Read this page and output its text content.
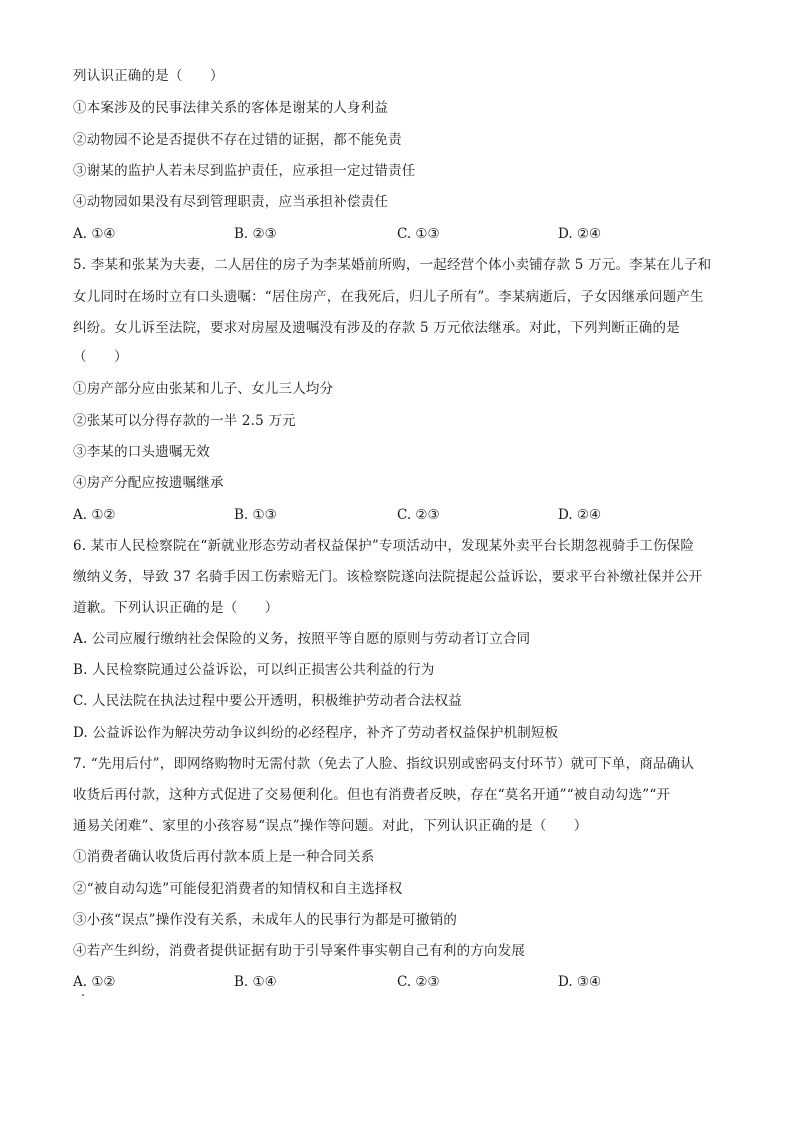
列认识正确的是（　　）
①本案涉及的民事法律关系的客体是谢某的人身利益
②动物园不论是否提供不存在过错的证据，都不能免责
③谢某的监护人若未尽到监护责任，应承担一定过错责任
④动物园如果没有尽到管理职责，应当承担补偿责任
A. ①④	B. ②③	C. ①③	D. ②④
5. 李某和张某为夫妻，二人居住的房子为李某婚前所购，一起经营个体小卖铺存款 5 万元。李某在儿子和
女儿同时在场时立有口头遗嘱：“居住房产，在我死后，归儿子所有”。李某病逝后，子女因继承问题产生
纠纷。女儿诉至法院，要求对房屋及遗嘱没有涉及的存款 5 万元依法继承。对此，下列判断正确的是
（　　）
①房产部分应由张某和儿子、女儿三人均分
②张某可以分得存款的一半 2.5 万元
③李某的口头遗嘱无效
④房产分配应按遗嘱继承
A. ①②	B. ①③	C. ②③	D. ②④
6. 某市人民检察院在“新就业形态劳动者权益保护”专项活动中，发现某外卖平台长期忽视骑手工伤保险
缴纳义务，导致 37 名骑手因工伤索赔无门。该检察院遂向法院提起公益诉讼，要求平台补缴社保并公开
道歉。下列认识正确的是（　　）
A. 公司应履行缴纳社会保险的义务，按照平等自愿的原则与劳动者订立合同
B. 人民检察院通过公益诉讼，可以纠正损害公共利益的行为
C. 人民法院在执法过程中要公开透明，积极维护劳动者合法权益
D. 公益诉讼作为解决劳动争议纠纷的必经程序，补齐了劳动者权益保护机制短板
7. “先用后付”，即网络购物时无需付款（免去了人脸、指纹识别或密码支付环节）就可下单，商品确认
收货后再付款，这种方式促进了交易便利化。但也有消费者反映，存在“莫名开通”“被自动勾选”“开
通易关闭难”、家里的小孩容易“误点”操作等问题。对此，下列认识正确的是（　　）
①消费者确认收货后再付款本质上是一种合同关系
②“被自动勾选”可能侵犯消费者的知情权和自主选择权
③小孩“误点”操作没有关系，未成年人的民事行为都是可撤销的
④若产生纠纷，消费者提供证据有助于引导案件事实朝自己有利的方向发展
A. ①②	B. ①④	C. ②③	D. ③④
